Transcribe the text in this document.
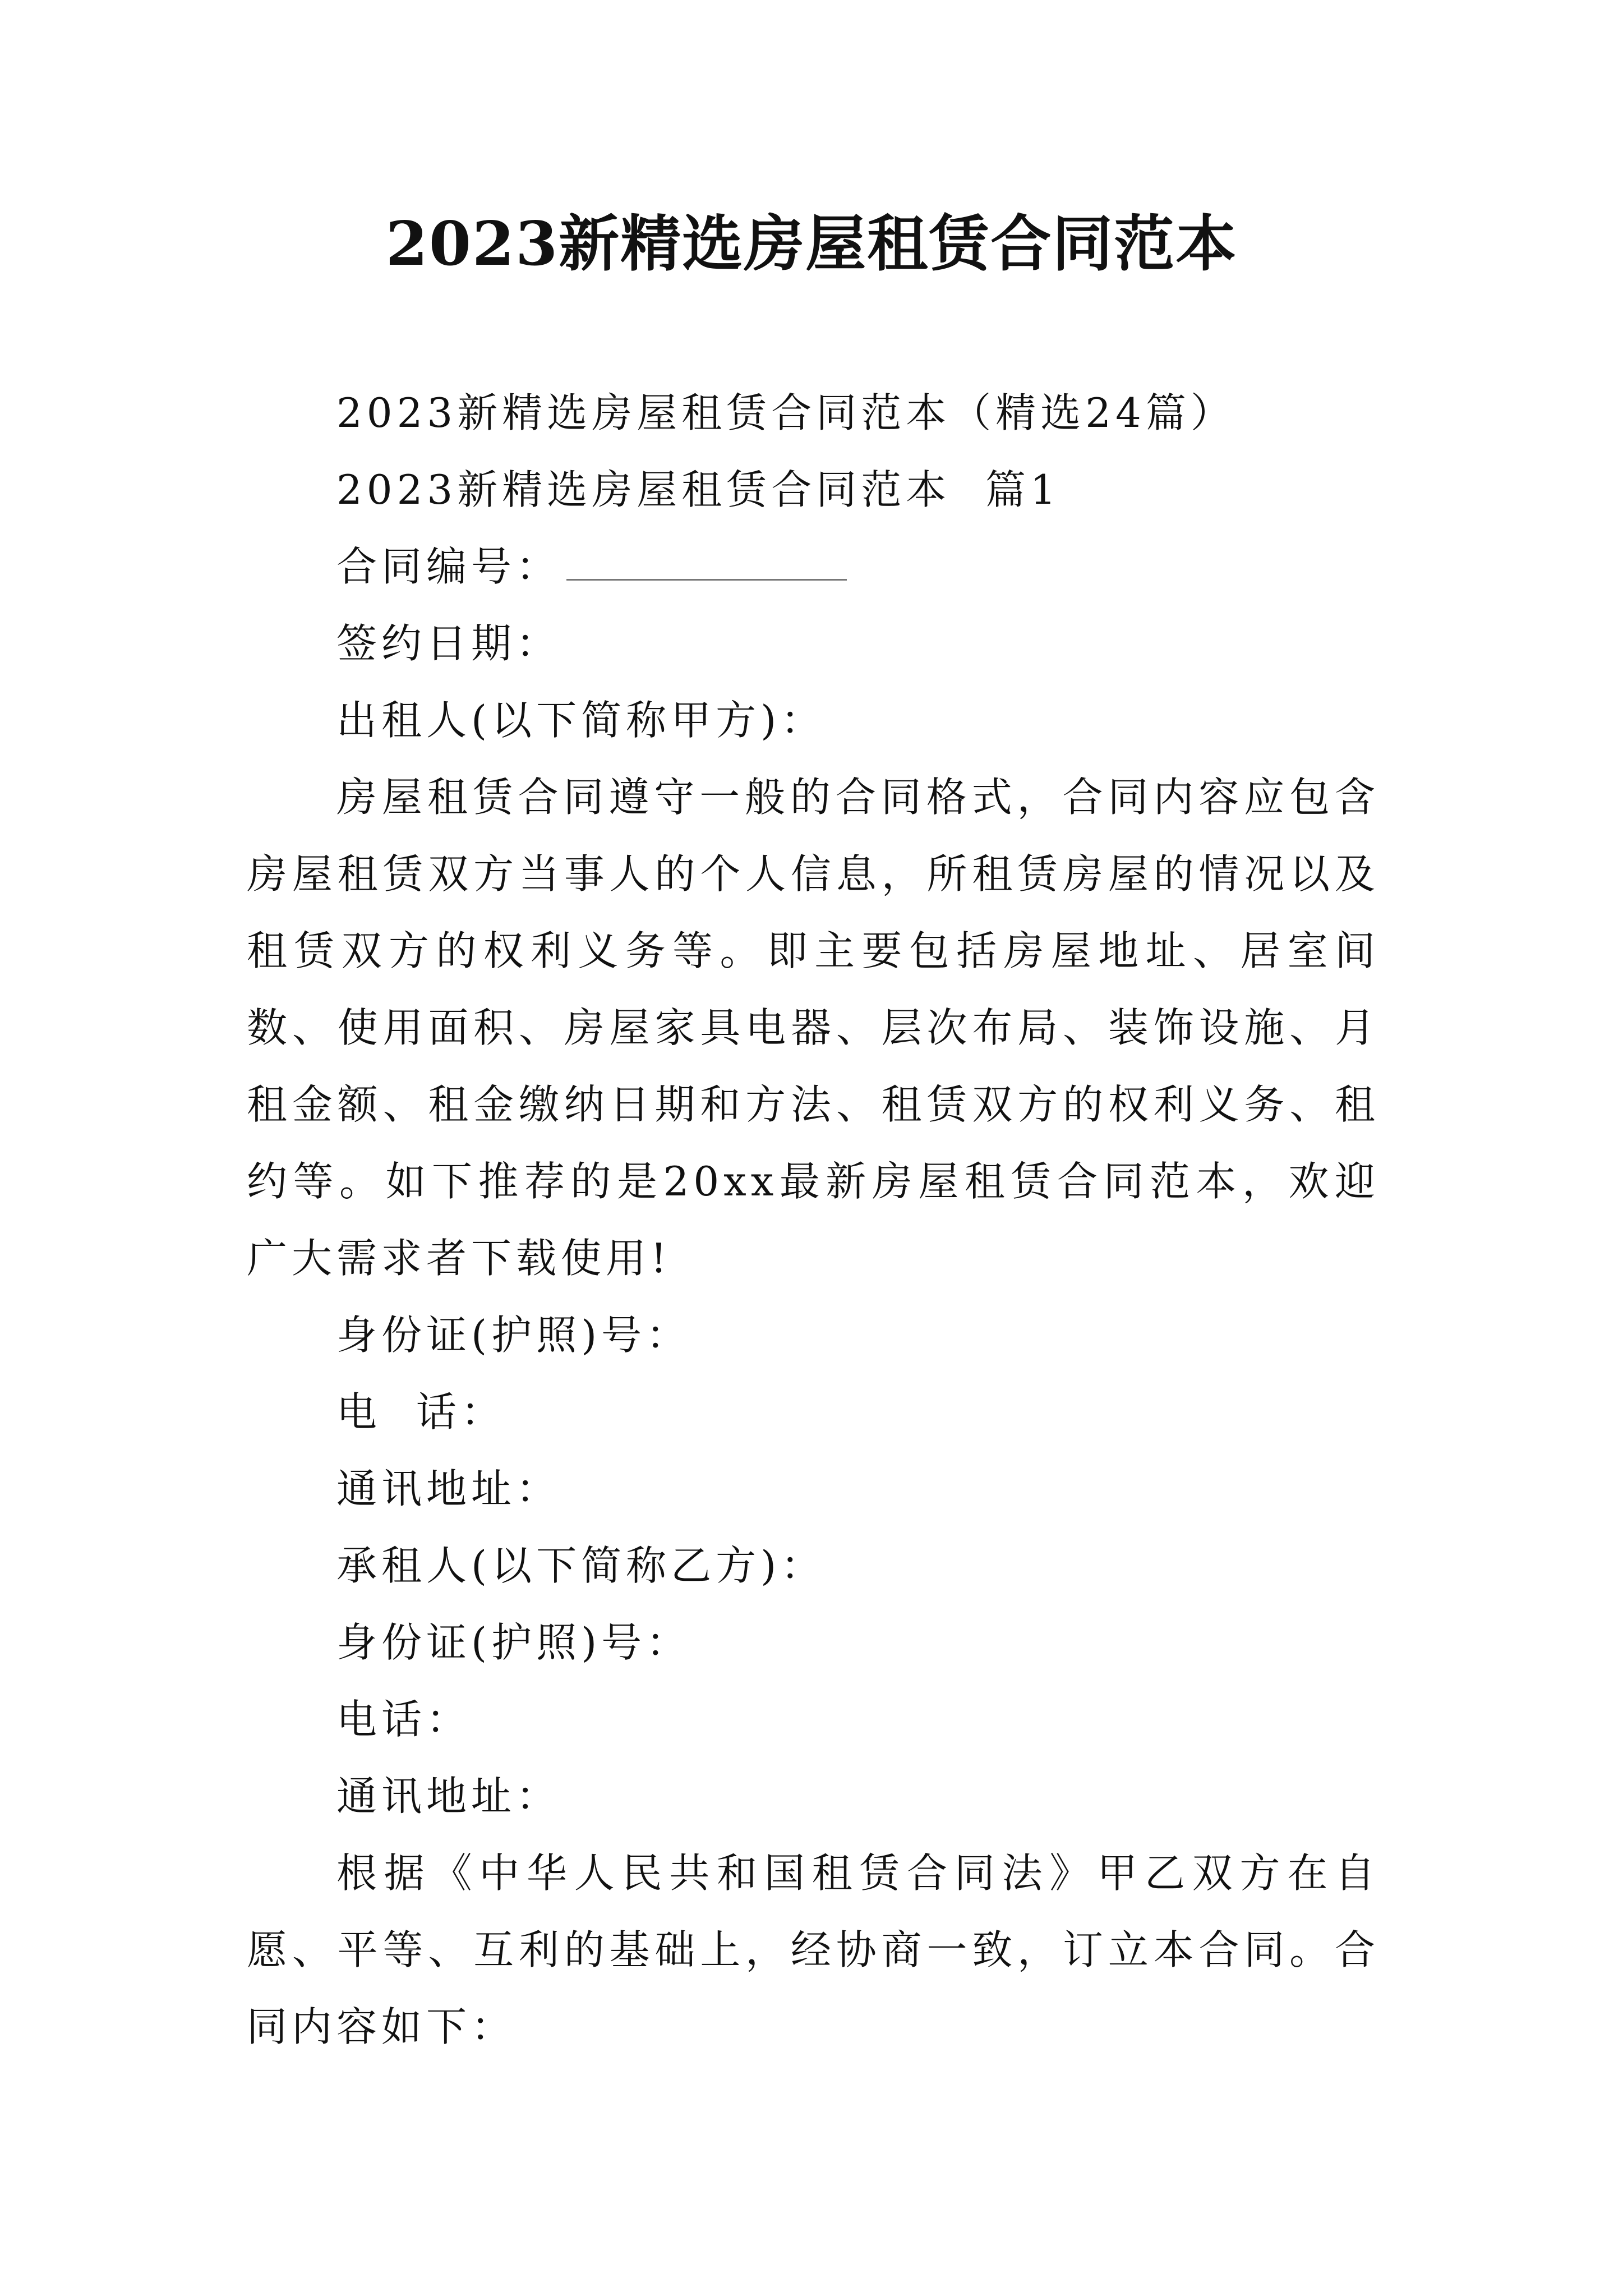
2023新精选房屋租赁合同范本

2023新精选房屋租赁合同范本（精选24篇）

2023新精选房屋租赁合同范本  篇1

合同编号：

签约日期：

出租人(以下简称甲方)：

房屋租赁合同遵守一般的合同格式，合同内容应包含房屋租赁双方当事人的个人信息，所租赁房屋的情况以及租赁双方的权利义务等。即主要包括房屋地址、居室间数、使用面积、房屋家具电器、层次布局、装饰设施、月租金额、租金缴纳日期和方法、租赁双方的权利义务、租约等。如下推荐的是20xx最新房屋租赁合同范本，欢迎广大需求者下载使用!

身份证(护照)号：

电  话：

通讯地址：

承租人(以下简称乙方)：

身份证(护照)号：

电话：

通讯地址：

根据《中华人民共和国租赁合同法》甲乙双方在自愿、平等、互利的基础上，经协商一致，订立本合同。合同内容如下：
